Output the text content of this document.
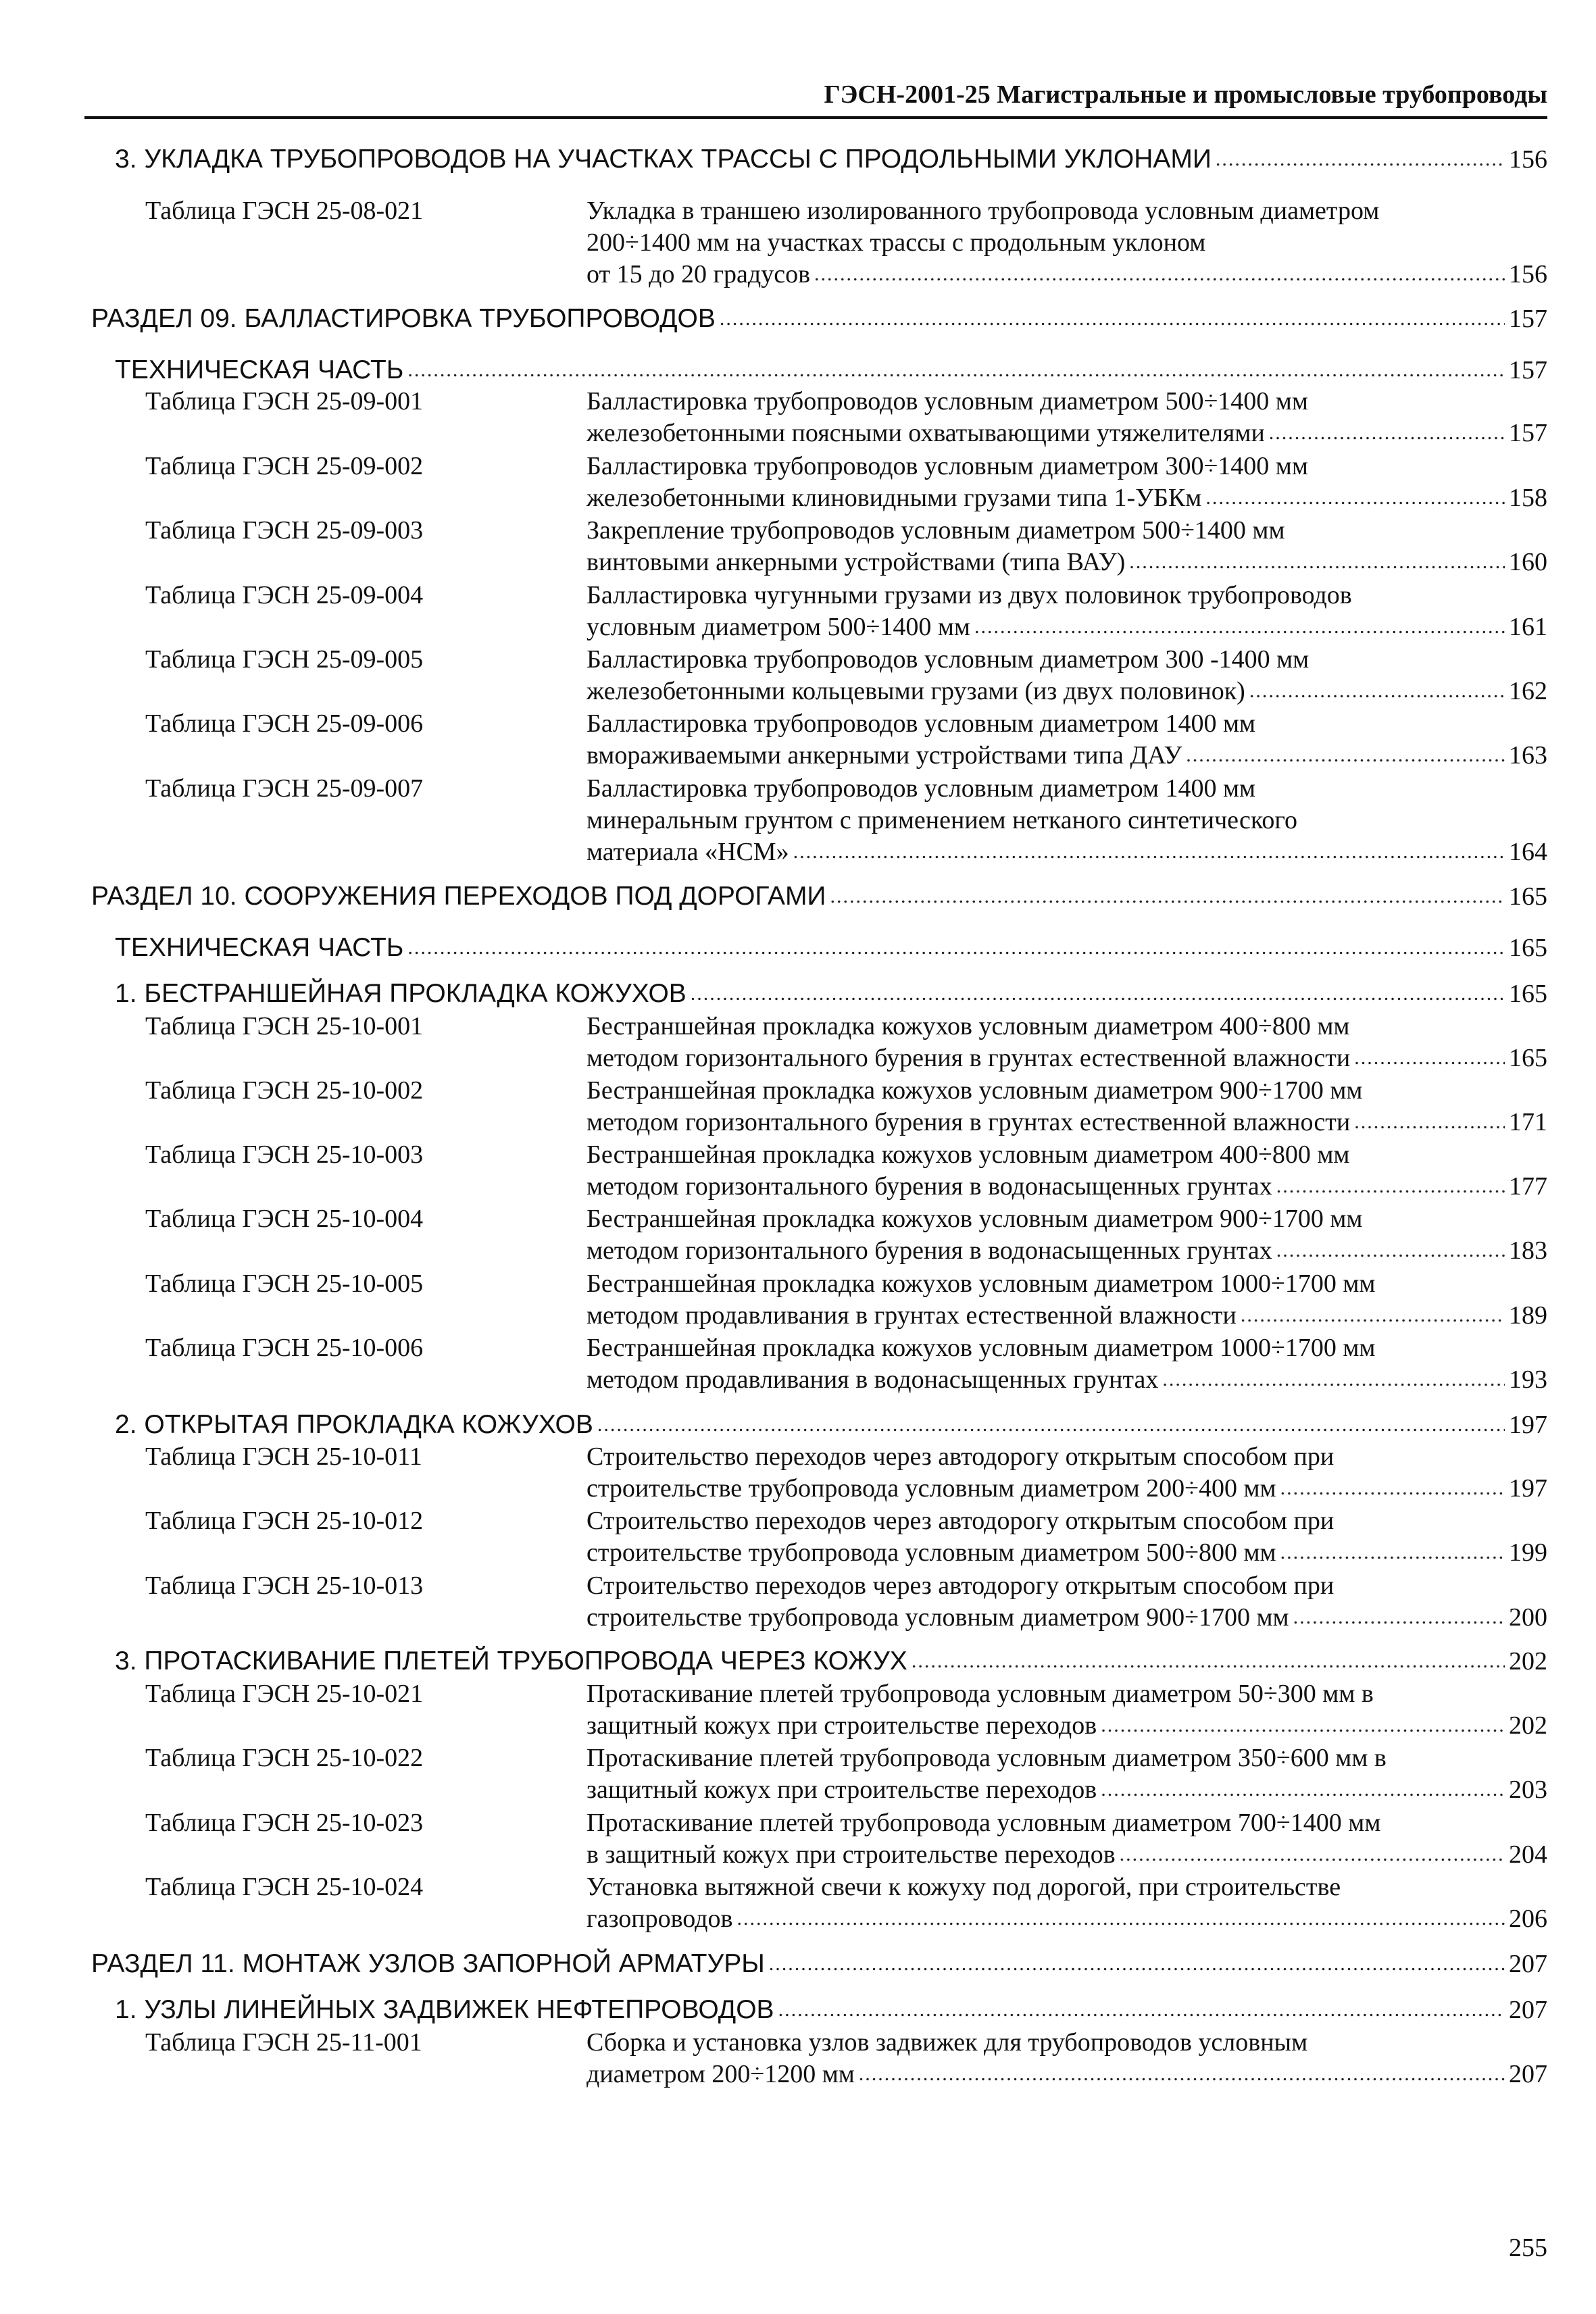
ГЭСН-2001-25 Магистральные и промысловые трубопроводы
3. УКЛАДКА ТРУБОПРОВОДОВ НА УЧАСТКАХ ТРАССЫ С ПРОДОЛЬНЫМИ УКЛОНАМИ .....	156
Таблица ГЭСН 25-08-021	Укладка в траншею изолированного трубопровода условным диаметром
200÷1400 мм на участках трассы с продольным уклоном
от 15 до 20 градусов .....	156
РАЗДЕЛ 09. БАЛЛАСТИРОВКА ТРУБОПРОВОДОВ .....	157
ТЕХНИЧЕСКАЯ ЧАСТЬ .....	157
Таблица ГЭСН 25-09-001	Балластировка трубопроводов условным диаметром 500÷1400 мм
железобетонными поясными охватывающими утяжелителями .....	157
Таблица ГЭСН 25-09-002	Балластировка трубопроводов условным диаметром 300÷1400 мм
железобетонными клиновидными грузами типа 1-УБКм .....	158
Таблица ГЭСН 25-09-003	Закрепление трубопроводов условным диаметром 500÷1400 мм
винтовыми анкерными устройствами (типа ВАУ) .....	160
Таблица ГЭСН 25-09-004	Балластировка чугунными грузами из двух половинок трубопроводов
условным диаметром 500÷1400 мм .....	161
Таблица ГЭСН 25-09-005	Балластировка трубопроводов условным диаметром 300 -1400 мм
железобетонными кольцевыми грузами (из двух половинок) .....	162
Таблица ГЭСН 25-09-006	Балластировка трубопроводов условным диаметром 1400 мм
вмораживаемыми анкерными устройствами типа ДАУ .....	163
Таблица ГЭСН 25-09-007	Балластировка трубопроводов условным диаметром 1400 мм
минеральным грунтом с применением нетканого синтетического
материала «НСМ» .....	164
РАЗДЕЛ 10. СООРУЖЕНИЯ ПЕРЕХОДОВ ПОД ДОРОГАМИ .....	165
ТЕХНИЧЕСКАЯ ЧАСТЬ .....	165
1. БЕСТРАНШЕЙНАЯ ПРОКЛАДКА КОЖУХОВ .....	165
Таблица ГЭСН 25-10-001	Бестраншейная прокладка кожухов условным диаметром 400÷800 мм
методом горизонтального бурения в грунтах естественной влажности .....	165
Таблица ГЭСН 25-10-002	Бестраншейная прокладка кожухов условным диаметром 900÷1700 мм
методом горизонтального бурения в грунтах естественной влажности .....	171
Таблица ГЭСН 25-10-003	Бестраншейная прокладка кожухов условным диаметром 400÷800 мм
методом горизонтального бурения в водонасыщенных грунтах .....	177
Таблица ГЭСН 25-10-004	Бестраншейная прокладка кожухов условным диаметром 900÷1700 мм
методом горизонтального бурения в водонасыщенных грунтах .....	183
Таблица ГЭСН 25-10-005	Бестраншейная прокладка кожухов условным диаметром 1000÷1700 мм
методом продавливания в грунтах естественной влажности .....	189
Таблица ГЭСН 25-10-006	Бестраншейная прокладка кожухов условным диаметром 1000÷1700 мм
методом продавливания в водонасыщенных грунтах .....	193
2. ОТКРЫТАЯ ПРОКЛАДКА КОЖУХОВ .....	197
Таблица ГЭСН 25-10-011	Строительство переходов через автодорогу открытым способом при
строительстве трубопровода условным диаметром 200÷400 мм .....	197
Таблица ГЭСН 25-10-012	Строительство переходов через автодорогу открытым способом при
строительстве трубопровода условным диаметром 500÷800 мм .....	199
Таблица ГЭСН 25-10-013	Строительство переходов через автодорогу открытым способом при
строительстве трубопровода условным диаметром 900÷1700 мм .....	200
3. ПРОТАСКИВАНИЕ ПЛЕТЕЙ ТРУБОПРОВОДА ЧЕРЕЗ КОЖУХ .....	202
Таблица ГЭСН 25-10-021	Протаскивание плетей трубопровода условным диаметром 50÷300 мм в
защитный кожух при строительстве переходов .....	202
Таблица ГЭСН 25-10-022	Протаскивание плетей трубопровода условным диаметром 350÷600 мм в
защитный кожух при строительстве переходов .....	203
Таблица ГЭСН 25-10-023	Протаскивание плетей трубопровода условным диаметром 700÷1400 мм
в защитный кожух при строительстве переходов .....	204
Таблица ГЭСН 25-10-024	Установка вытяжной свечи к кожуху под дорогой, при строительстве
газопроводов .....	206
РАЗДЕЛ 11. МОНТАЖ УЗЛОВ ЗАПОРНОЙ АРМАТУРЫ .....	207
1. УЗЛЫ ЛИНЕЙНЫХ ЗАДВИЖЕК НЕФТЕПРОВОДОВ .....	207
Таблица ГЭСН 25-11-001	Сборка и установка узлов задвижек для трубопроводов условным
диаметром 200÷1200 мм .....	207
255
